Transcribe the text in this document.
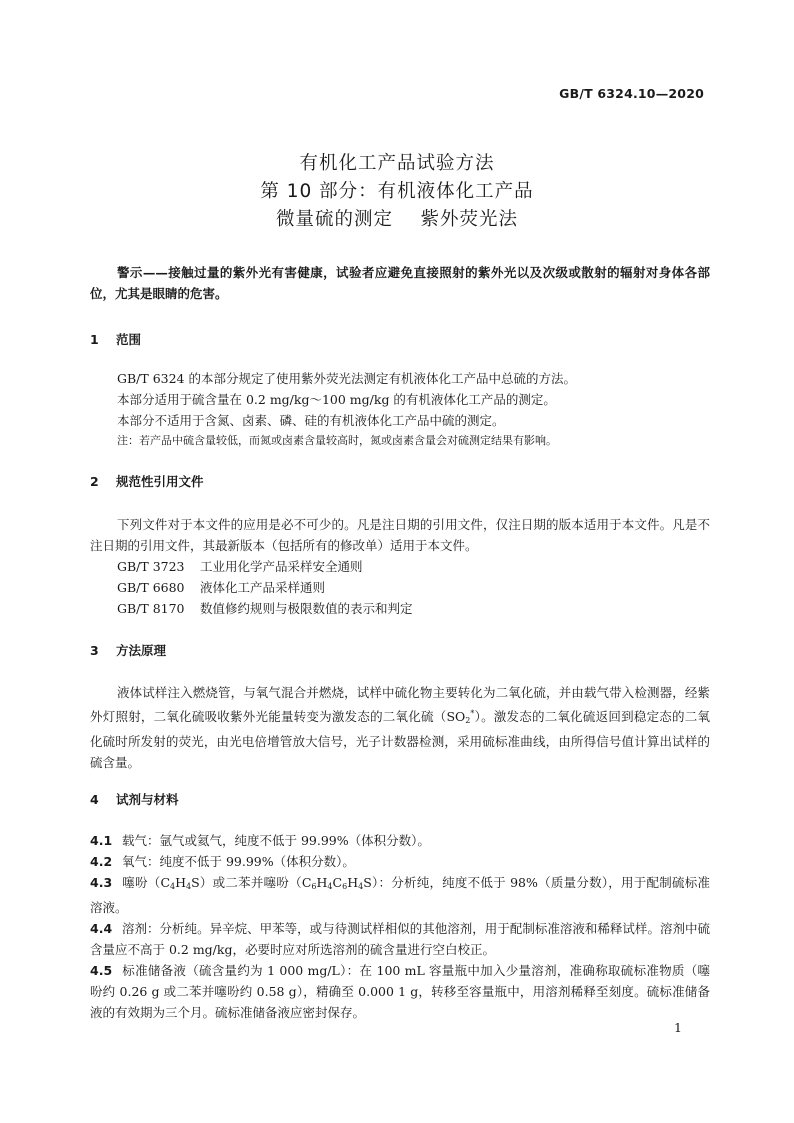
GB/T 6324.10—2020
有机化工产品试验方法
第 10 部分：有机液体化工产品
微量硫的测定    紫外荧光法
警示——接触过量的紫外光有害健康，试验者应避免直接照射的紫外光以及次级或散射的辐射对身体各部位，尤其是眼睛的危害。
1 范围
GB/T 6324 的本部分规定了使用紫外荧光法测定有机液体化工产品中总硫的方法。
本部分适用于硫含量在 0.2 mg/kg～100 mg/kg 的有机液体化工产品的测定。
本部分不适用于含氮、卤素、磷、硅的有机液体化工产品中硫的测定。
注：若产品中硫含量较低，而氮或卤素含量较高时，氮或卤素含量会对硫测定结果有影响。
2 规范性引用文件
下列文件对于本文件的应用是必不可少的。凡是注日期的引用文件，仅注日期的版本适用于本文件。凡是不注日期的引用文件，其最新版本（包括所有的修改单）适用于本文件。
GB/T 3723 工业用化学产品采样安全通则
GB/T 6680 液体化工产品采样通则
GB/T 8170 数值修约规则与极限数值的表示和判定
3 方法原理
液体试样注入燃烧管，与氧气混合并燃烧，试样中硫化物主要转化为二氧化硫，并由载气带入检测器，经紫外灯照射，二氧化硫吸收紫外光能量转变为激发态的二氧化硫$(SO_2^*)$。激发态的二氧化硫返回到稳定态的二氧化硫时所发射的荧光，由光电倍增管放大信号，光子计数器检测，采用硫标准曲线，由所得信号值计算出试样的硫含量。
4 试剂与材料
4.1 载气：氩气或氦气，纯度不低于 99.99%（体积分数）。
4.2 氧气：纯度不低于 99.99%（体积分数）。
4.3 噻吩$(C_4H_4S)$或二苯并噻吩$(C_6H_4C_6H_4S)$：分析纯，纯度不低于 98%（质量分数），用于配制硫标准溶液。
4.4 溶剂：分析纯。异辛烷、甲苯等，或与待测试样相似的其他溶剂，用于配制标准溶液和稀释试样。溶剂中硫含量应不高于 0.2 mg/kg，必要时应对所选溶剂的硫含量进行空白校正。
4.5 标准储备液（硫含量约为 1 000 mg/L）：在 100 mL 容量瓶中加入少量溶剂，准确称取硫标准物质（噻吩约 0.26 g 或二苯并噻吩约 0.58 g），精确至 0.000 1 g，转移至容量瓶中，用溶剂稀释至刻度。硫标准储备液的有效期为三个月。硫标准储备液应密封保存。
1
